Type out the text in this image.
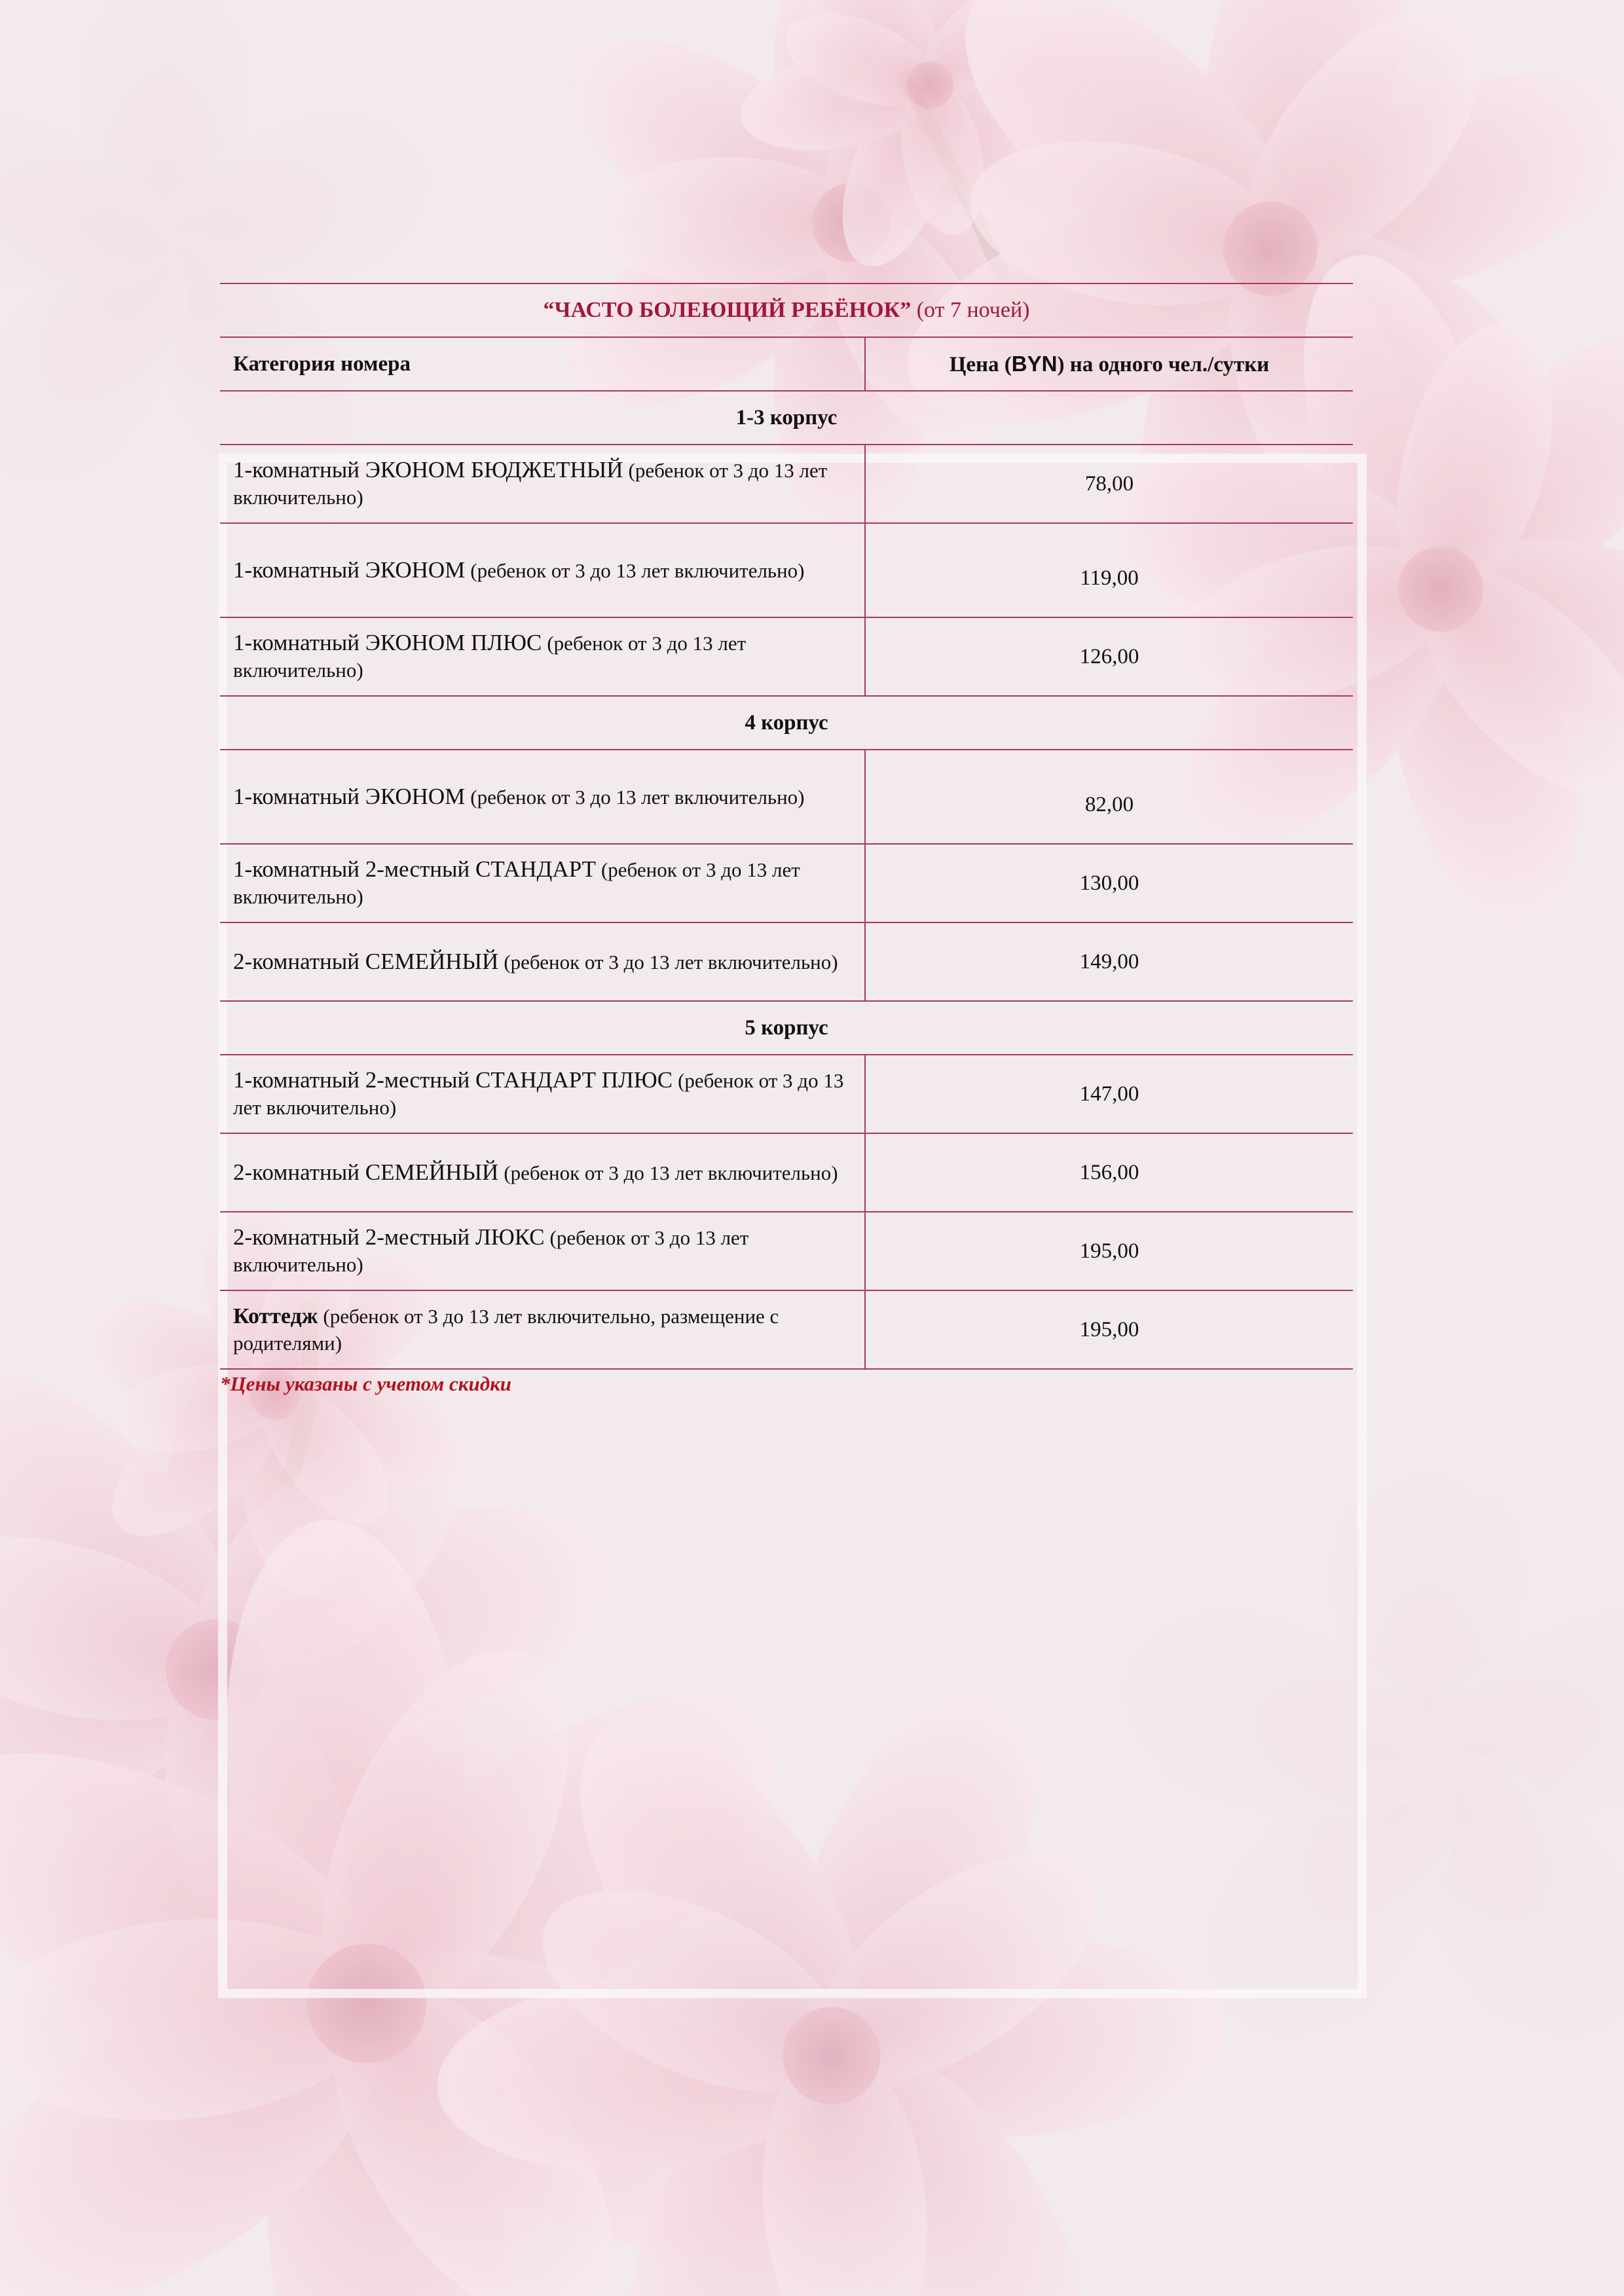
“ЧАСТО БОЛЕЮЩИЙ РЕБЁНОК” (от 7 ночей)	
Категория номера	Цена (BYN) на одного чел./сутки
1-3 корпус	
1-комнатный ЭКОНОМ БЮДЖЕТНЫЙ (ребенок от 3 до 13 лет включительно)	78,00
1-комнатный ЭКОНОМ (ребенок от 3 до 13 лет включительно)	119,00
1-комнатный ЭКОНОМ ПЛЮС (ребенок от 3 до 13 лет включительно)	126,00
4 корпус	
1-комнатный ЭКОНОМ (ребенок от 3 до 13 лет включительно)	82,00
1-комнатный 2-местный СТАНДАРТ (ребенок от 3 до 13 лет включительно)	130,00
2-комнатный СЕМЕЙНЫЙ (ребенок от 3 до 13 лет включительно)	149,00
5 корпус	
1-комнатный 2-местный СТАНДАРТ ПЛЮС (ребенок от 3 до 13 лет включительно)	147,00
2-комнатный СЕМЕЙНЫЙ (ребенок от 3 до 13 лет включительно)	156,00
2-комнатный 2-местный ЛЮКС (ребенок от 3 до 13 лет включительно)	195,00
Коттедж (ребенок от 3 до 13 лет включительно, размещение с родителями)	195,00
*Цены указаны с учетом скидки
